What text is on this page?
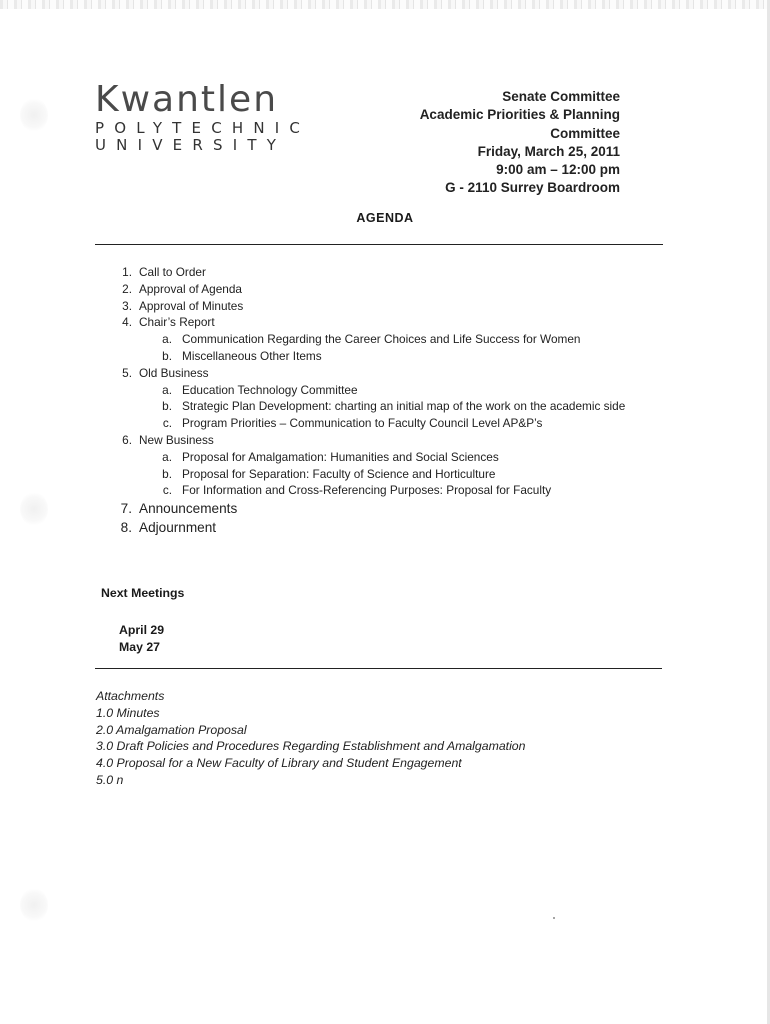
Kwantlen
POLYTECHNIC
UNIVERSITY
Senate Committee
Academic Priorities & Planning
Committee
Friday, March 25, 2011
9:00 am – 12:00 pm
G - 2110 Surrey Boardroom
AGENDA
1. Call to Order
2. Approval of Agenda
3. Approval of Minutes
4. Chair’s Report
a. Communication Regarding the Career Choices and Life Success for Women
b. Miscellaneous Other Items
5. Old Business
a. Education Technology Committee
b. Strategic Plan Development: charting an initial map of the work on the academic side
c. Program Priorities – Communication to Faculty Council Level AP&P’s
6. New Business
a. Proposal for Amalgamation: Humanities and Social Sciences
b. Proposal for Separation: Faculty of Science and Horticulture
c. For Information and Cross-Referencing Purposes: Proposal for Faculty
7. Announcements
8. Adjournment
Next Meetings
April 29
May 27
Attachments
1.0 Minutes
2.0 Amalgamation Proposal
3.0 Draft Policies and Procedures Regarding Establishment and Amalgamation
4.0 Proposal for a New Faculty of Library and Student Engagement
5.0 n
